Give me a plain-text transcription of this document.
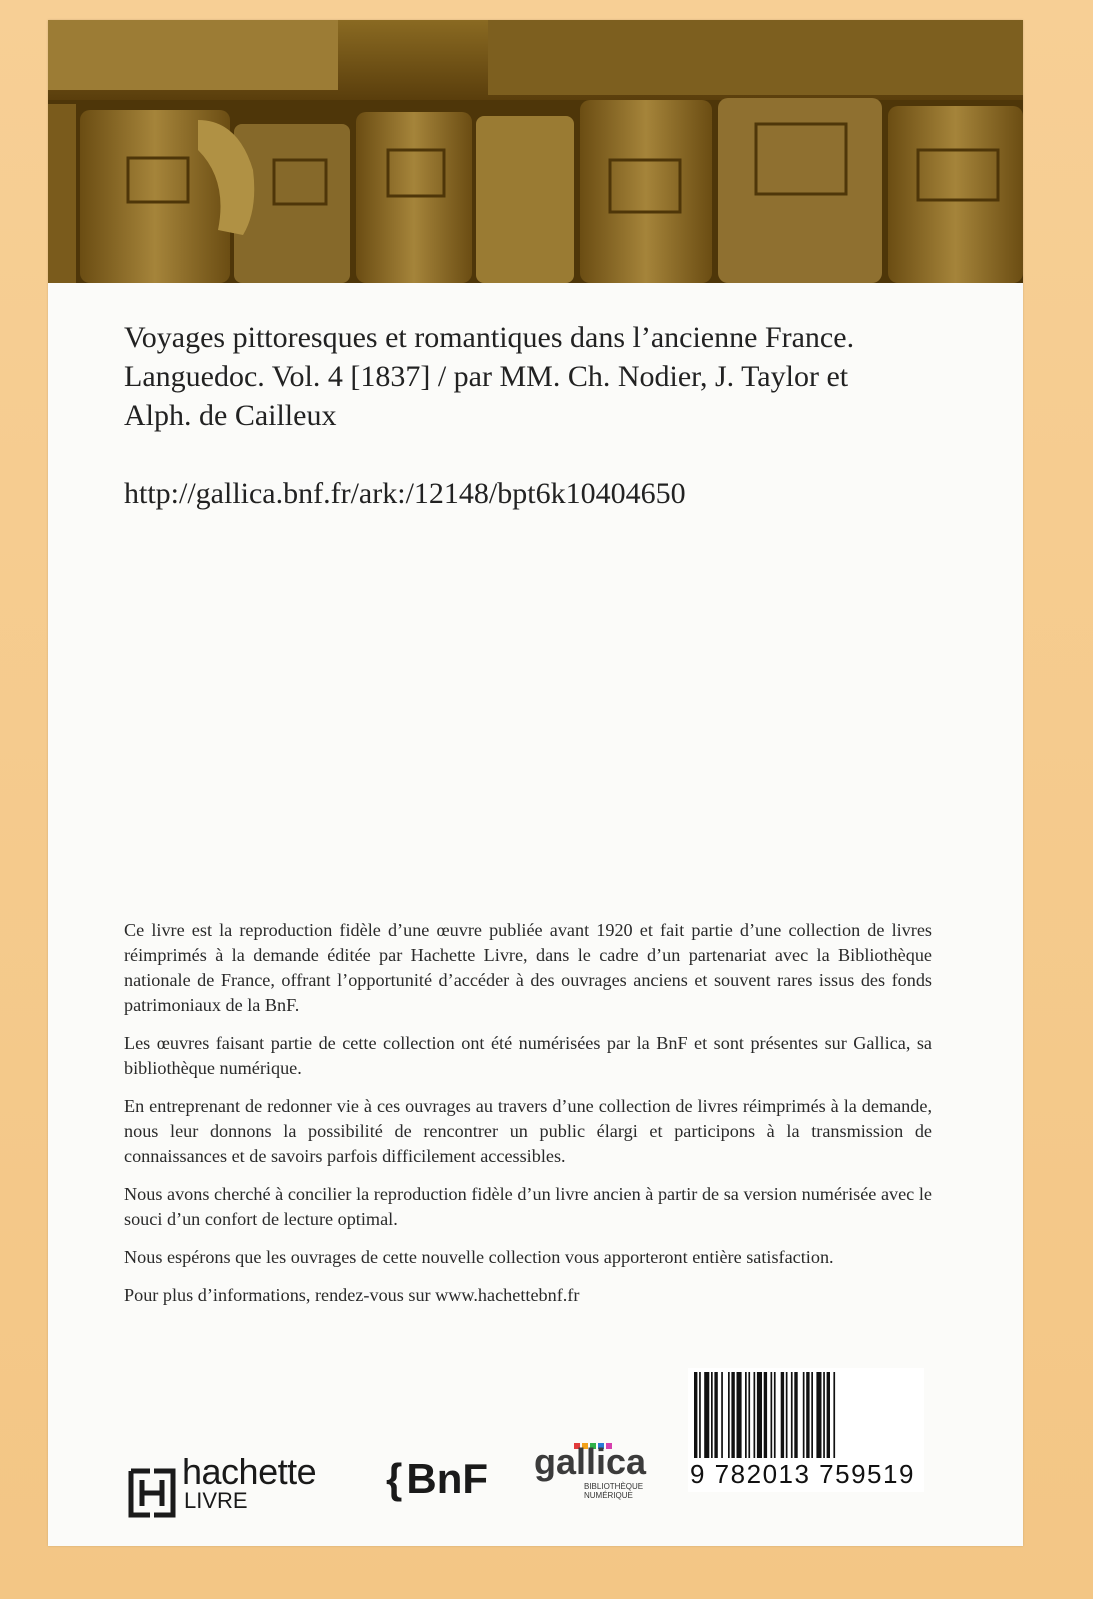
Voyages pittoresques et romantiques dans l’ancienne France. Languedoc. Vol. 4 [1837] / par MM. Ch. Nodier, J. Taylor et Alph. de Cailleux

http://gallica.bnf.fr/ark:/12148/bpt6k10404650

Ce livre est la reproduction fidèle d’une œuvre publiée avant 1920 et fait partie d’une collection de livres réimprimés à la demande éditée par Hachette Livre, dans le cadre d’un partenariat avec la Bibliothèque nationale de France, offrant l’opportunité d’accéder à des ouvrages anciens et souvent rares issus des fonds patrimoniaux de la BnF.

Les œuvres faisant partie de cette collection ont été numérisées par la BnF et sont présentes sur Gallica, sa bibliothèque numérique.

En entreprenant de redonner vie à ces ouvrages au travers d’une collection de livres réimprimés à la demande, nous leur donnons la possibilité de rencontrer un public élargi et participons à la transmission de connaissances et de savoirs parfois difficilement accessibles.

Nous avons cherché à concilier la reproduction fidèle d’un livre ancien à partir de sa version numérisée avec le souci d’un confort de lecture optimal.

Nous espérons que les ouvrages de cette nouvelle collection vous apporteront entière satisfaction.

Pour plus d’informations, rendez-vous sur www.hachettebnf.fr

hachette
LIVRE	{BnF gallica
BIBLIOTHÈQUE
NUMÉRIQUE
9 782013 759519
